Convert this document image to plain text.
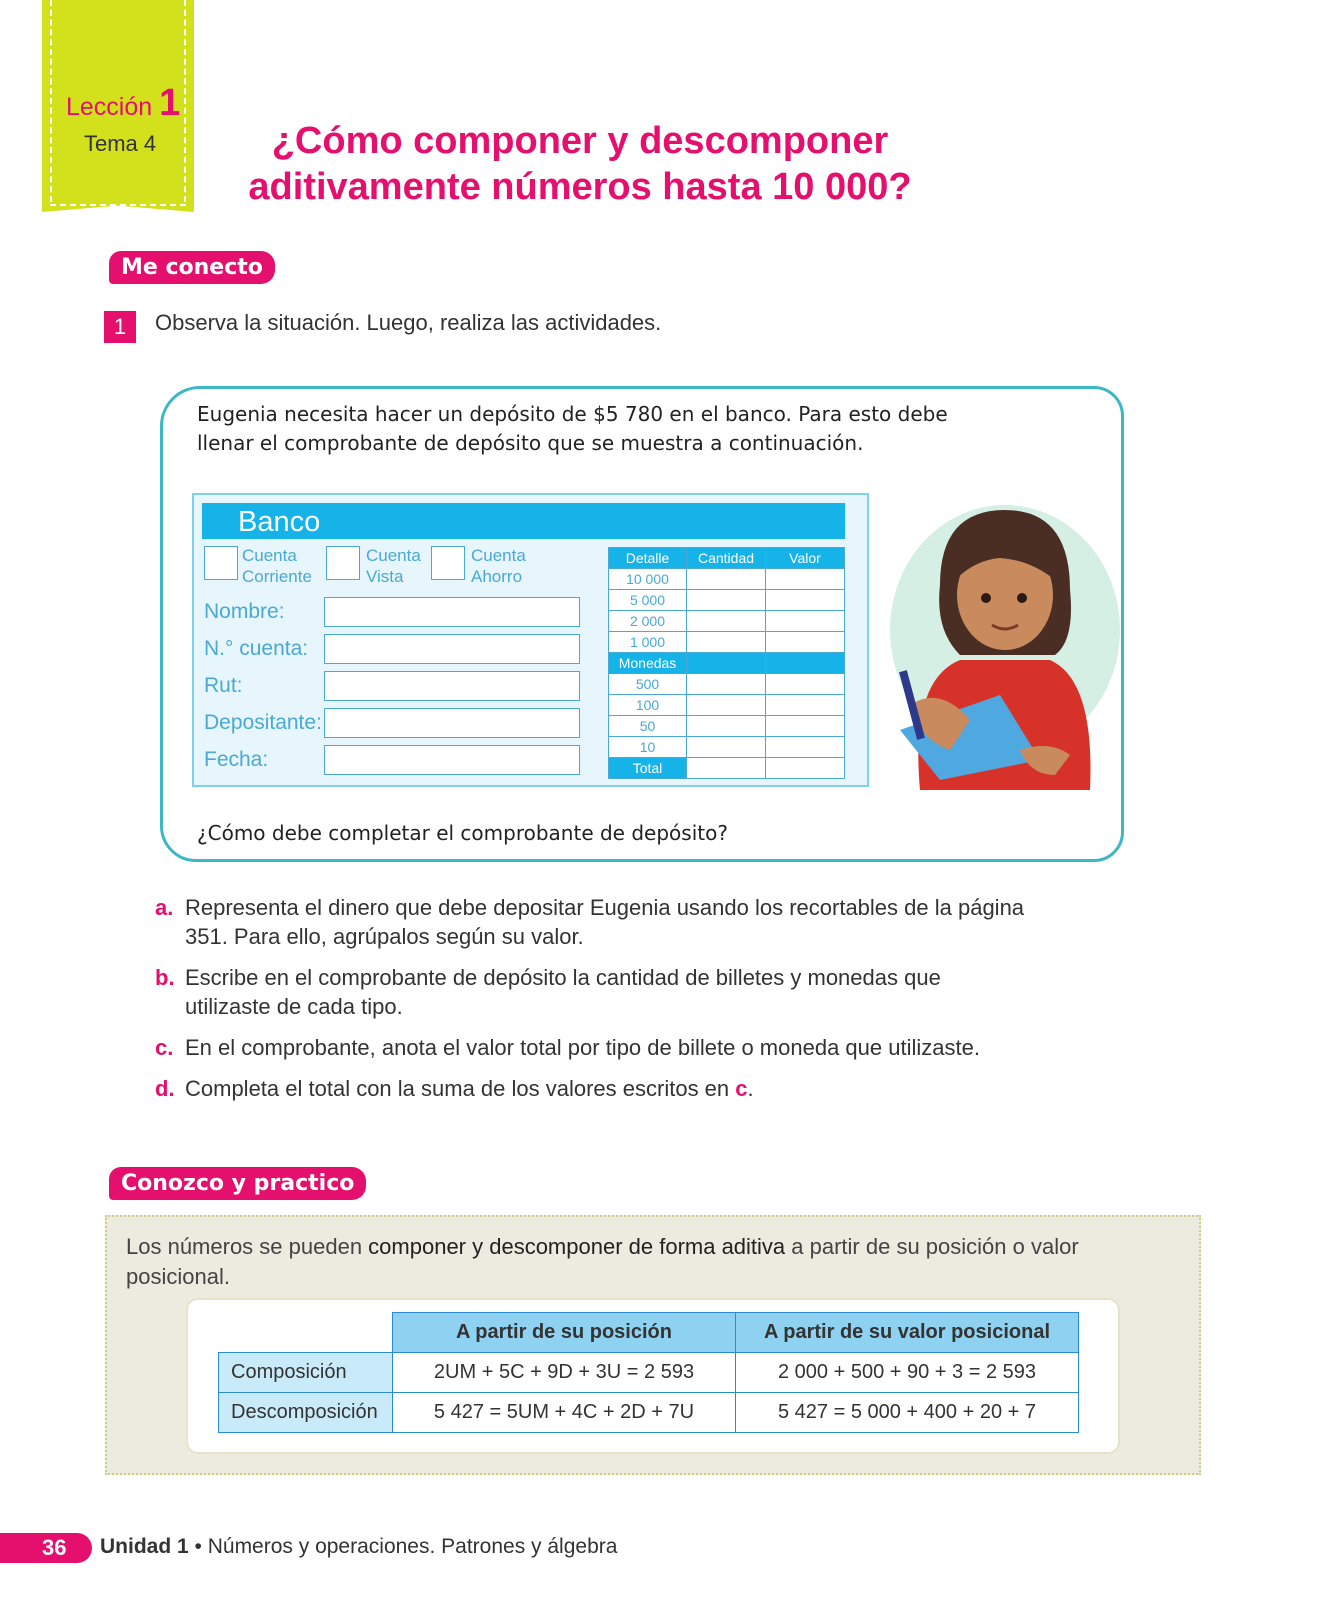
Lección 1
Tema 4	¿Cómo componer y descomponer
aditivamente números hasta 10 000?
Me conecto
1	Observa la situación. Luego, realiza las actividades.
Eugenia necesita hacer un depósito de $5 780 en el banco. Para esto debe
llenar el comprobante de depósito que se muestra a continuación.
Banco
Cuenta
Corriente
Cuenta
Vista
Cuenta
Ahorro
Nombre:
N.° cuenta:
Rut:
Depositante:
Fecha:
Detalle	Cantidad	Valor
10 000		
5 000		
2 000		
1 000		
Monedas		
500		
100		
50		
10		
Total		
¿Cómo debe completar el comprobante de depósito?
a. Representa el dinero que debe depositar Eugenia usando los recortables de la página 351. Para ello, agrúpalos según su valor.
b. Escribe en el comprobante de depósito la cantidad de billetes y monedas que utilizaste de cada tipo.
c. En el comprobante, anota el valor total por tipo de billete o moneda que utilizaste.
d. Completa el total con la suma de los valores escritos en c.
Conozco y practico
Los números se pueden componer y descomponer de forma aditiva a partir de su posición o valor posicional.
	A partir de su posición	A partir de su valor posicional
Composición	2UM + 5C + 9D + 3U = 2 593	2 000 + 500 + 90 + 3 = 2 593
Descomposición	5 427 = 5UM + 4C + 2D + 7U	5 427 = 5 000 + 400 + 20 + 7
36 Unidad 1 • Números y operaciones. Patrones y álgebra
